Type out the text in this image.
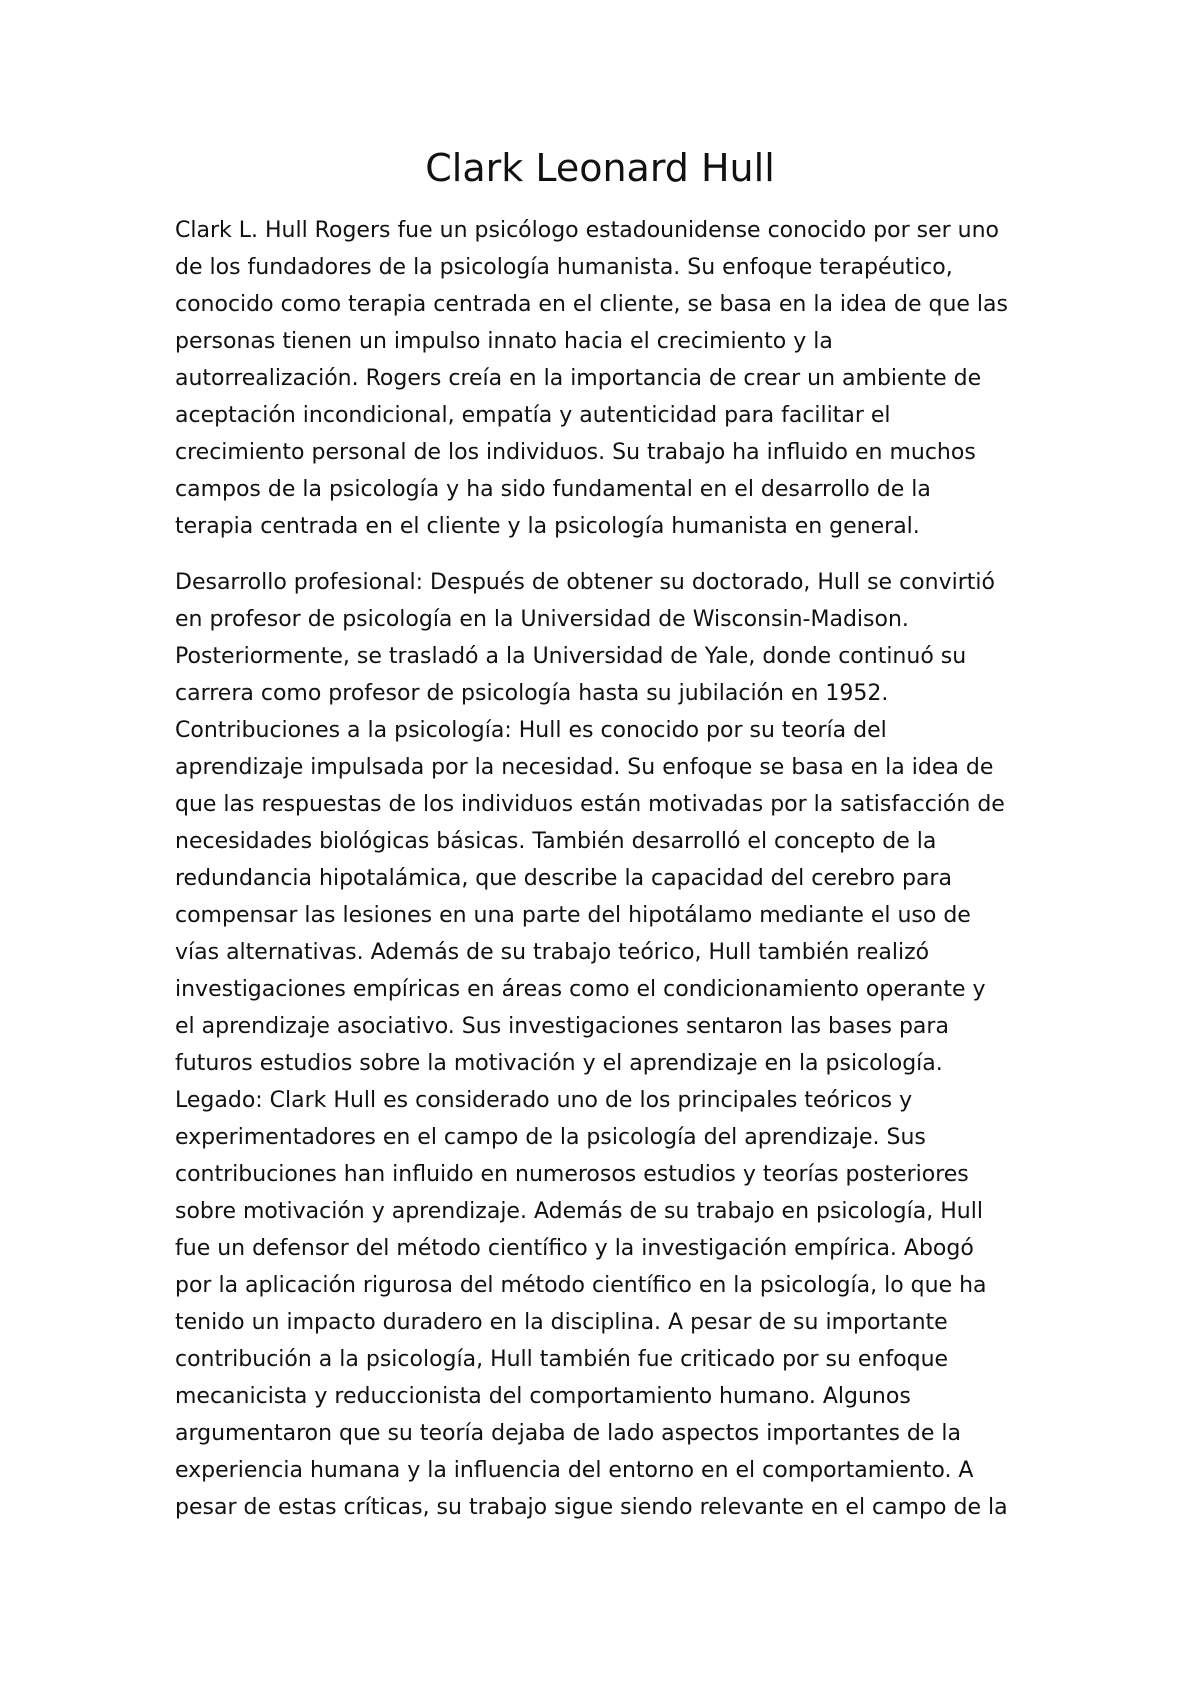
Clark Leonard Hull

Clark L. Hull Rogers fue un psicólogo estadounidense conocido por ser uno

de los fundadores de la psicología humanista. Su enfoque terapéutico,

conocido como terapia centrada en el cliente, se basa en la idea de que las

personas tienen un impulso innato hacia el crecimiento y la

autorrealización. Rogers creía en la importancia de crear un ambiente de

aceptación incondicional, empatía y autenticidad para facilitar el

crecimiento personal de los individuos. Su trabajo ha influido en muchos

campos de la psicología y ha sido fundamental en el desarrollo de la

terapia centrada en el cliente y la psicología humanista en general.

Desarrollo profesional: Después de obtener su doctorado, Hull se convirtió

en profesor de psicología en la Universidad de Wisconsin-Madison.

Posteriormente, se trasladó a la Universidad de Yale, donde continuó su

carrera como profesor de psicología hasta su jubilación en 1952.

Contribuciones a la psicología: Hull es conocido por su teoría del

aprendizaje impulsada por la necesidad. Su enfoque se basa en la idea de

que las respuestas de los individuos están motivadas por la satisfacción de

necesidades biológicas básicas. También desarrolló el concepto de la

redundancia hipotalámica, que describe la capacidad del cerebro para

compensar las lesiones en una parte del hipotálamo mediante el uso de

vías alternativas. Además de su trabajo teórico, Hull también realizó

investigaciones empíricas en áreas como el condicionamiento operante y

el aprendizaje asociativo. Sus investigaciones sentaron las bases para

futuros estudios sobre la motivación y el aprendizaje en la psicología.

Legado: Clark Hull es considerado uno de los principales teóricos y

experimentadores en el campo de la psicología del aprendizaje. Sus

contribuciones han influido en numerosos estudios y teorías posteriores

sobre motivación y aprendizaje. Además de su trabajo en psicología, Hull

fue un defensor del método científico y la investigación empírica. Abogó

por la aplicación rigurosa del método científico en la psicología, lo que ha

tenido un impacto duradero en la disciplina. A pesar de su importante

contribución a la psicología, Hull también fue criticado por su enfoque

mecanicista y reduccionista del comportamiento humano. Algunos

argumentaron que su teoría dejaba de lado aspectos importantes de la

experiencia humana y la influencia del entorno en el comportamiento. A

pesar de estas críticas, su trabajo sigue siendo relevante en el campo de la
